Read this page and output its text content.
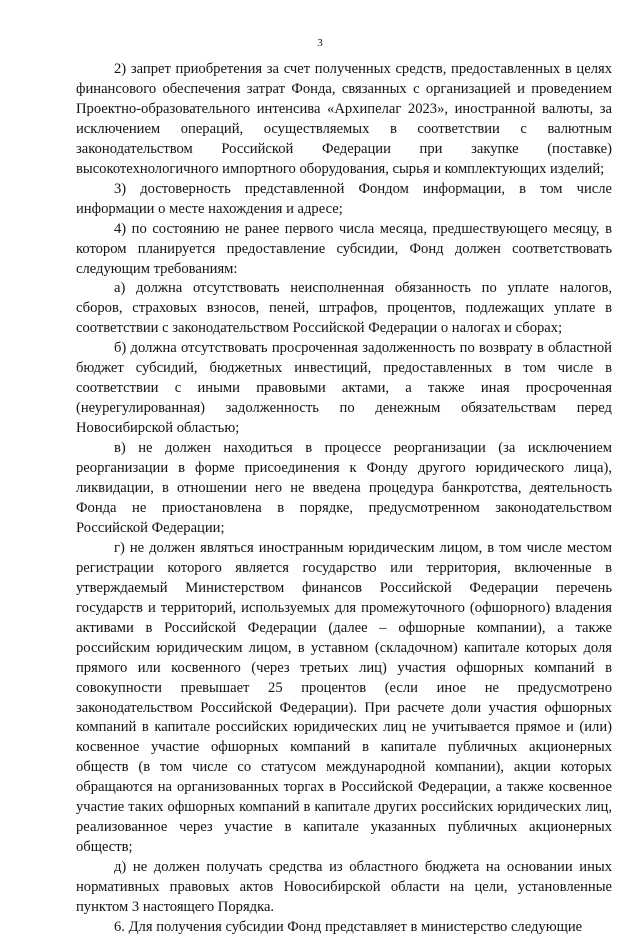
3

2) запрет приобретения за счет полученных средств, предоставленных в целях финансового обеспечения затрат Фонда, связанных с организацией и проведением Проектно-образовательного интенсива «Архипелаг 2023», иностранной валюты, за исключением операций, осуществляемых в соответствии с валютным законодательством Российской Федерации при закупке (поставке) высокотехнологичного импортного оборудования, сырья и комплектующих изделий;

3) достоверность представленной Фондом информации, в том числе информации о месте нахождения и адресе;

4) по состоянию не ранее первого числа месяца, предшествующего месяцу, в котором планируется предоставление субсидии, Фонд должен соответствовать следующим требованиям:

а) должна отсутствовать неисполненная обязанность по уплате налогов, сборов, страховых взносов, пеней, штрафов, процентов, подлежащих уплате в соответствии с законодательством Российской Федерации о налогах и сборах;

б) должна отсутствовать просроченная задолженность по возврату в областной бюджет субсидий, бюджетных инвестиций, предоставленных в том числе в соответствии с иными правовыми актами, а также иная просроченная (неурегулированная) задолженность по денежным обязательствам перед Новосибирской областью;

в) не должен находиться в процессе реорганизации (за исключением реорганизации в форме присоединения к Фонду другого юридического лица), ликвидации, в отношении него не введена процедура банкротства, деятельность Фонда не приостановлена в порядке, предусмотренном законодательством Российской Федерации;

г) не должен являться иностранным юридическим лицом, в том числе местом регистрации которого является государство или территория, включенные в утверждаемый Министерством финансов Российской Федерации перечень государств и территорий, используемых для промежуточного (офшорного) владения активами в Российской Федерации (далее – офшорные компании), а также российским юридическим лицом, в уставном (складочном) капитале которых доля прямого или косвенного (через третьих лиц) участия офшорных компаний в совокупности превышает 25 процентов (если иное не предусмотрено законодательством Российской Федерации). При расчете доли участия офшорных компаний в капитале российских юридических лиц не учитывается прямое и (или) косвенное участие офшорных компаний в капитале публичных акционерных обществ (в том числе со статусом международной компании), акции которых обращаются на организованных торгах в Российской Федерации, а также косвенное участие таких офшорных компаний в капитале других российских юридических лиц, реализованное через участие в капитале указанных публичных акционерных обществ;

д) не должен получать средства из областного бюджета на основании иных нормативных правовых актов Новосибирской области на цели, установленные пунктом 3 настоящего Порядка.

6. Для получения субсидии Фонд представляет в министерство следующие
